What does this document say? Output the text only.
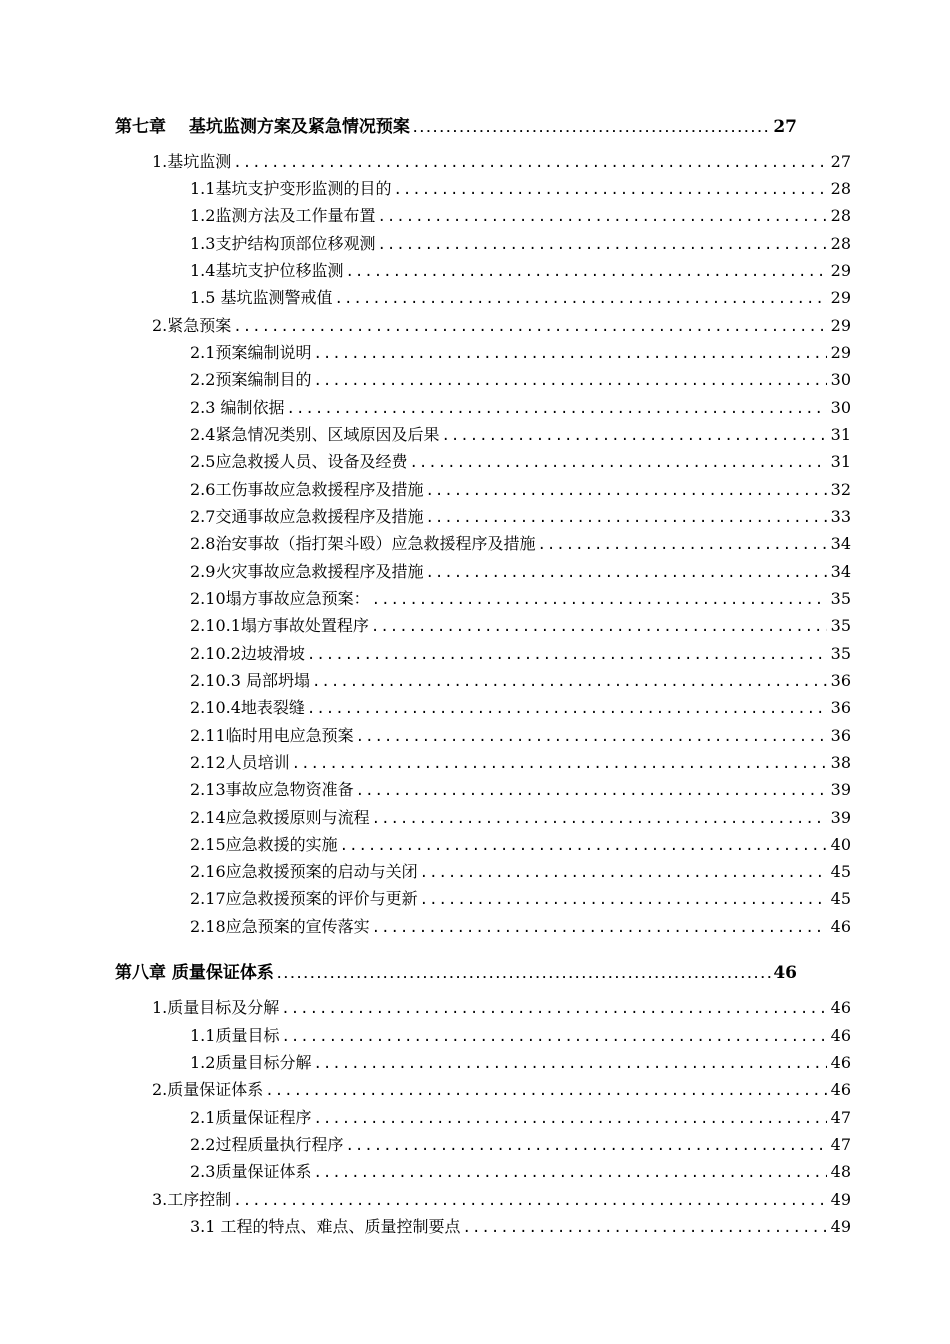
第七章　 基坑监测方案及紧急情况预案 .....	27
1.基坑监测 .....	27
1.1基坑支护变形监测的目的 .....	28
1.2监测方法及工作量布置 .....	28
1.3支护结构顶部位移观测 .....	28
1.4基坑支护位移监测 .....	29
1.5 基坑监测警戒值 .....	29
2.紧急预案 .....	29
2.1预案编制说明 .....	29
2.2预案编制目的 .....	30
2.3 编制依据 .....	30
2.4紧急情况类别、区域原因及后果 .....	31
2.5应急救援人员、设备及经费 .....	31
2.6工伤事故应急救援程序及措施 .....	32
2.7交通事故应急救援程序及措施 .....	33
2.8治安事故（指打架斗殴）应急救援程序及措施 .....	34
2.9火灾事故应急救援程序及措施 .....	34
2.10塌方事故应急预案： .....	35
2.10.1塌方事故处置程序 .....	35
2.10.2边坡滑坡 .....	35
2.10.3 局部坍塌 .....	36
2.10.4地表裂缝 .....	36
2.11临时用电应急预案 .....	36
2.12人员培训 .....	38
2.13事故应急物资准备 .....	39
2.14应急救援原则与流程 .....	39
2.15应急救援的实施 .....	40
2.16应急救援预案的启动与关闭 .....	45
2.17应急救援预案的评价与更新 .....	45
2.18应急预案的宣传落实 .....	46
第八章 质量保证体系 .....	46
1.质量目标及分解 .....	46
1.1质量目标 .....	46
1.2质量目标分解 .....	46
2.质量保证体系 .....	46
2.1质量保证程序 .....	47
2.2过程质量执行程序 .....	47
2.3质量保证体系 .....	48
3.工序控制 .....	49
3.1 工程的特点、难点、质量控制要点 .....	49
